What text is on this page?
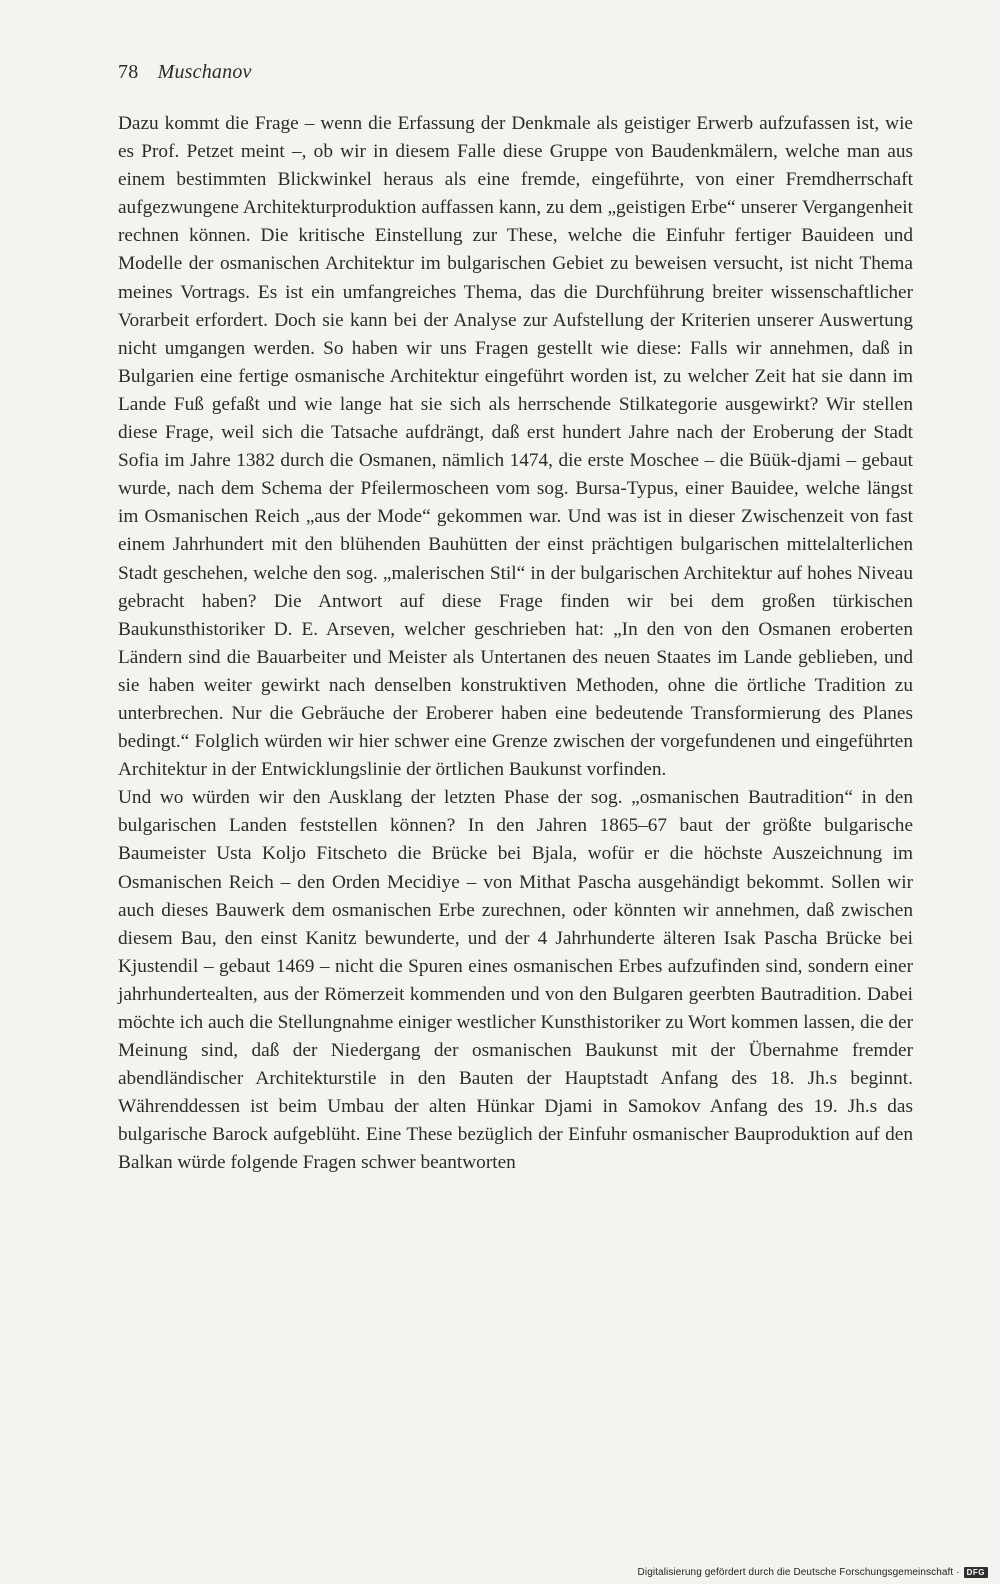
78 Muschanov

Dazu kommt die Frage – wenn die Erfassung der Denkmale als geistiger Erwerb aufzufassen ist, wie es Prof. Petzet meint –, ob wir in diesem Falle diese Gruppe von Baudenkmälern, welche man aus einem bestimmten Blickwinkel heraus als eine fremde, eingeführte, von einer Fremdherrschaft aufgezwungene Architekturproduktion auffassen kann, zu dem „geistigen Erbe“ unserer Vergangenheit rechnen können. Die kritische Einstellung zur These, welche die Einfuhr fertiger Bauideen und Modelle der osmanischen Architektur im bulgarischen Gebiet zu beweisen versucht, ist nicht Thema meines Vortrags. Es ist ein umfangreiches Thema, das die Durchführung breiter wissenschaftlicher Vorarbeit erfordert. Doch sie kann bei der Analyse zur Aufstellung der Kriterien unserer Auswertung nicht umgangen werden. So haben wir uns Fragen gestellt wie diese: Falls wir annehmen, daß in Bulgarien eine fertige osmanische Architektur eingeführt worden ist, zu welcher Zeit hat sie dann im Lande Fuß gefaßt und wie lange hat sie sich als herrschende Stilkategorie ausgewirkt? Wir stellen diese Frage, weil sich die Tatsache aufdrängt, daß erst hundert Jahre nach der Eroberung der Stadt Sofia im Jahre 1382 durch die Osmanen, nämlich 1474, die erste Moschee – die Büük-djami – gebaut wurde, nach dem Schema der Pfeilermoscheen vom sog. Bursa-Typus, einer Bauidee, welche längst im Osmanischen Reich „aus der Mode“ gekommen war. Und was ist in dieser Zwischenzeit von fast einem Jahrhundert mit den blühenden Bauhütten der einst prächtigen bulgarischen mittelalterlichen Stadt geschehen, welche den sog. „malerischen Stil“ in der bulgarischen Architektur auf hohes Niveau gebracht haben? Die Antwort auf diese Frage finden wir bei dem großen türkischen Baukunsthistoriker D. E. Arseven, welcher geschrieben hat: „In den von den Osmanen eroberten Ländern sind die Bauarbeiter und Meister als Untertanen des neuen Staates im Lande geblieben, und sie haben weiter gewirkt nach denselben konstruktiven Methoden, ohne die örtliche Tradition zu unterbrechen. Nur die Gebräuche der Eroberer haben eine bedeutende Transformierung des Planes bedingt.“ Folglich würden wir hier schwer eine Grenze zwischen der vorgefundenen und eingeführten Architektur in der Entwicklungslinie der örtlichen Baukunst vorfinden.

Und wo würden wir den Ausklang der letzten Phase der sog. „osmanischen Bautradition“ in den bulgarischen Landen feststellen können? In den Jahren 1865–67 baut der größte bulgarische Baumeister Usta Koljo Fitscheto die Brücke bei Bjala, wofür er die höchste Auszeichnung im Osmanischen Reich – den Orden Mecidiye – von Mithat Pascha ausgehändigt bekommt. Sollen wir auch dieses Bauwerk dem osmanischen Erbe zurechnen, oder könnten wir annehmen, daß zwischen diesem Bau, den einst Kanitz bewunderte, und der 4 Jahrhunderte älteren Isak Pascha Brücke bei Kjustendil – gebaut 1469 – nicht die Spuren eines osmanischen Erbes aufzufinden sind, sondern einer jahrhundertealten, aus der Römerzeit kommenden und von den Bulgaren geerbten Bautradition. Dabei möchte ich auch die Stellungnahme einiger westlicher Kunsthistoriker zu Wort kommen lassen, die der Meinung sind, daß der Niedergang der osmanischen Baukunst mit der Übernahme fremder abendländischer Architekturstile in den Bauten der Hauptstadt Anfang des 18. Jh.s beginnt. Währenddessen ist beim Umbau der alten Hünkar Djami in Samokov Anfang des 19. Jh.s das bulgarische Barock aufgeblüht. Eine These bezüglich der Einfuhr osmanischer Bauproduktion auf den Balkan würde folgende Fragen schwer beantworten

Digitalisierung gefördert durch die Deutsche Forschungsgemeinschaft · DFG
